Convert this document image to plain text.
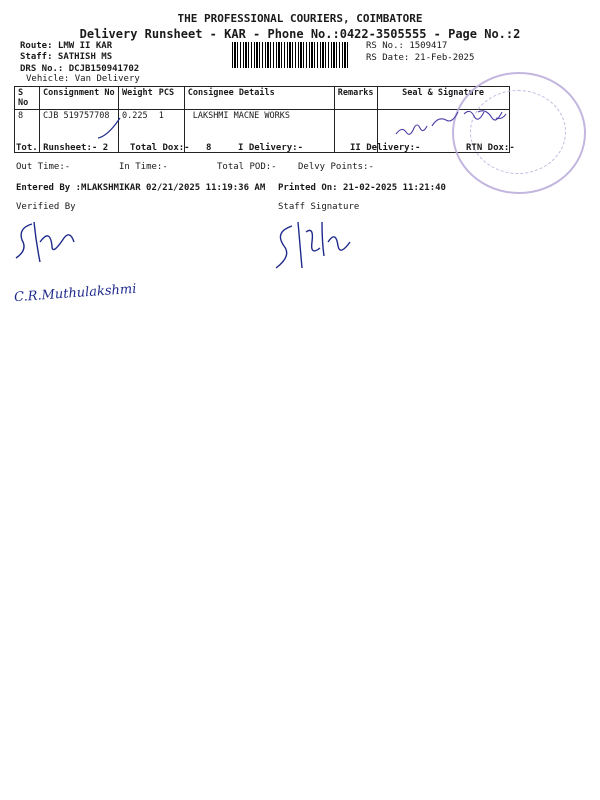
THE PROFESSIONAL COURIERS, COIMBATORE
Delivery Runsheet - KAR - Phone No.:0422-3505555 - Page No.:2
Route: LMW II KAR
Staff: SATHISH MS
DRS No.: DCJB150941702
Vehicle: Van Delivery
RS No.: 1509417
RS Date: 21-Feb-2025
S No	Consignment No	Weight	PCS	Consignee Details	Remarks	Seal & Signature
8	CJB 519757708	0.225	1	LAKSHMI MACNE WORKS		
Tot. Runsheet:- 2 Total Dox:- 8	I Delivery:-	II Delivery:-	RTN Dox:-
Out Time:-	In Time:-	Total POD:- Delvy Points:-
Entered By :MLAKSHMIKAR 02/21/2025 11:19:36 AM Printed On: 21-02-2025 11:21:40
Verified By	Staff Signature
C.R.Muthulakshmi
